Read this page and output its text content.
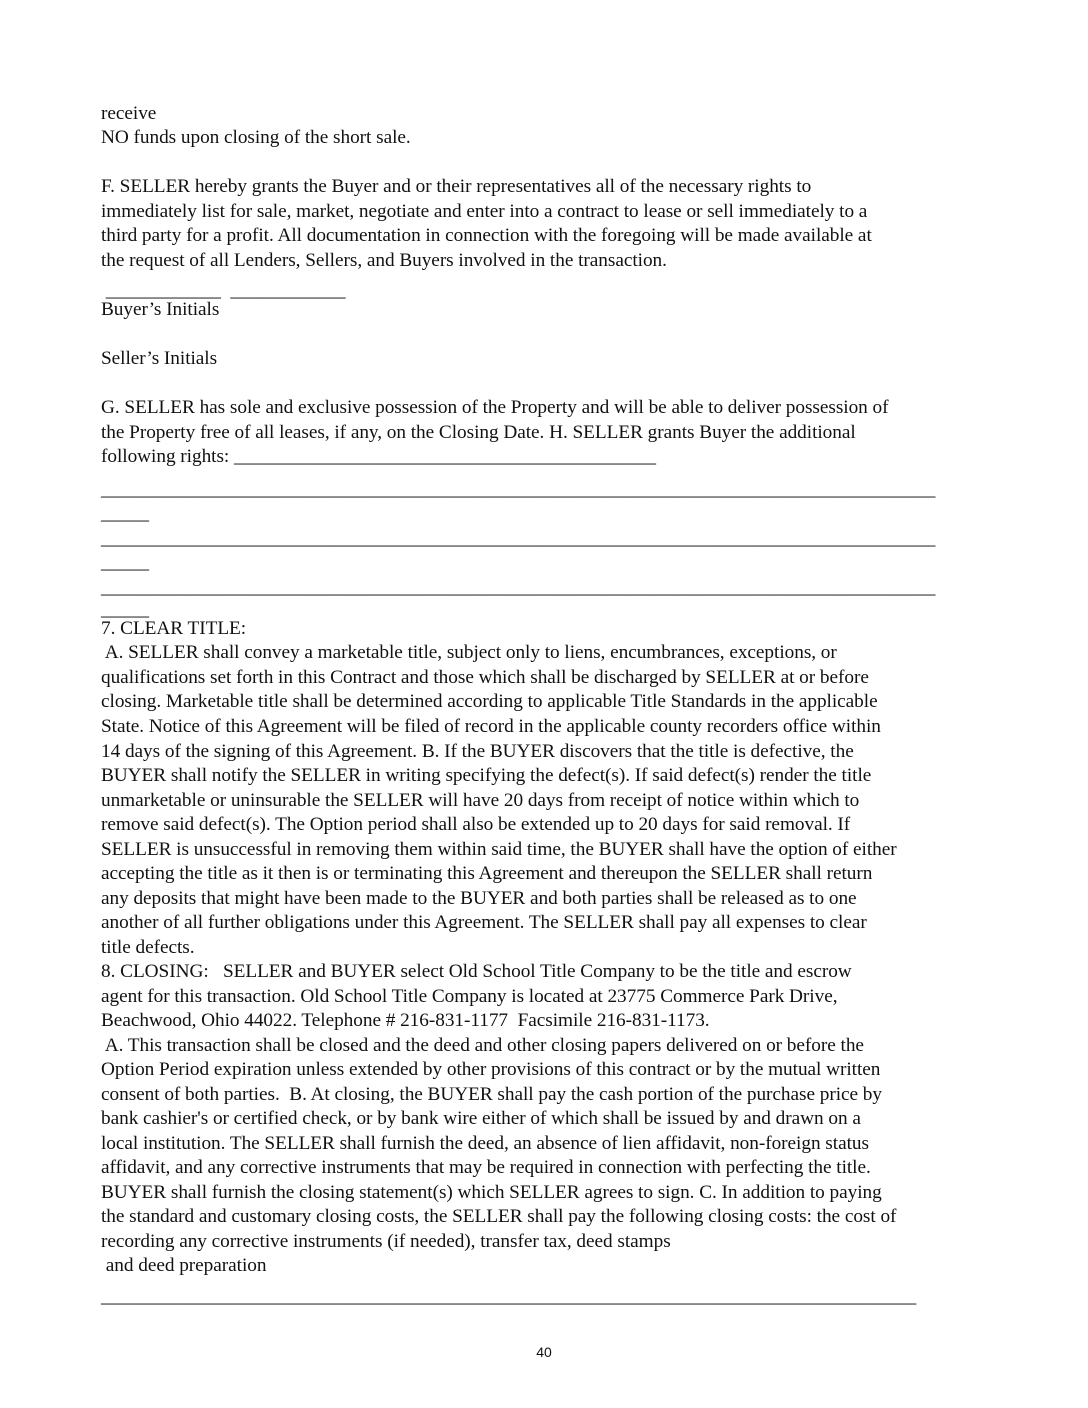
receive
NO funds upon closing of the short sale.
F. SELLER hereby grants the Buyer and or their representatives all of the necessary rights to
immediately list for sale, market, negotiate and enter into a contract to lease or sell immediately to a
third party for a profit. All documentation in connection with the foregoing will be made available at
the request of all Lenders, Sellers, and Buyers involved in the transaction.
____________  ____________
Buyer’s Initials
Seller’s Initials
G. SELLER has sole and exclusive possession of the Property and will be able to deliver possession of
the Property free of all leases, if any, on the Closing Date. H. SELLER grants Buyer the additional
following rights: ____________________________________________
_______________________________________________________________________________________
_____
_______________________________________________________________________________________
_____
_______________________________________________________________________________________
_____
7. CLEAR TITLE:
A. SELLER shall convey a marketable title, subject only to liens, encumbrances, exceptions, or
qualifications set forth in this Contract and those which shall be discharged by SELLER at or before
closing. Marketable title shall be determined according to applicable Title Standards in the applicable
State. Notice of this Agreement will be filed of record in the applicable county recorders office within
14 days of the signing of this Agreement. B. If the BUYER discovers that the title is defective, the
BUYER shall notify the SELLER in writing specifying the defect(s). If said defect(s) render the title
unmarketable or uninsurable the SELLER will have 20 days from receipt of notice within which to
remove said defect(s). The Option period shall also be extended up to 20 days for said removal. If
SELLER is unsuccessful in removing them within said time, the BUYER shall have the option of either
accepting the title as it then is or terminating this Agreement and thereupon the SELLER shall return
any deposits that might have been made to the BUYER and both parties shall be released as to one
another of all further obligations under this Agreement. The SELLER shall pay all expenses to clear
title defects.
8. CLOSING:   SELLER and BUYER select Old School Title Company to be the title and escrow
agent for this transaction. Old School Title Company is located at 23775 Commerce Park Drive,
Beachwood, Ohio 44022. Telephone # 216-831-1177  Facsimile 216-831-1173.
A. This transaction shall be closed and the deed and other closing papers delivered on or before the
Option Period expiration unless extended by other provisions of this contract or by the mutual written
consent of both parties.  B. At closing, the BUYER shall pay the cash portion of the purchase price by
bank cashier's or certified check, or by bank wire either of which shall be issued by and drawn on a
local institution. The SELLER shall furnish the deed, an absence of lien affidavit, non-foreign status
affidavit, and any corrective instruments that may be required in connection with perfecting the title.
BUYER shall furnish the closing statement(s) which SELLER agrees to sign. C. In addition to paying
the standard and customary closing costs, the SELLER shall pay the following closing costs: the cost of
recording any corrective instruments (if needed), transfer tax, deed stamps
and deed preparation
_____________________________________________________________________________________
40
